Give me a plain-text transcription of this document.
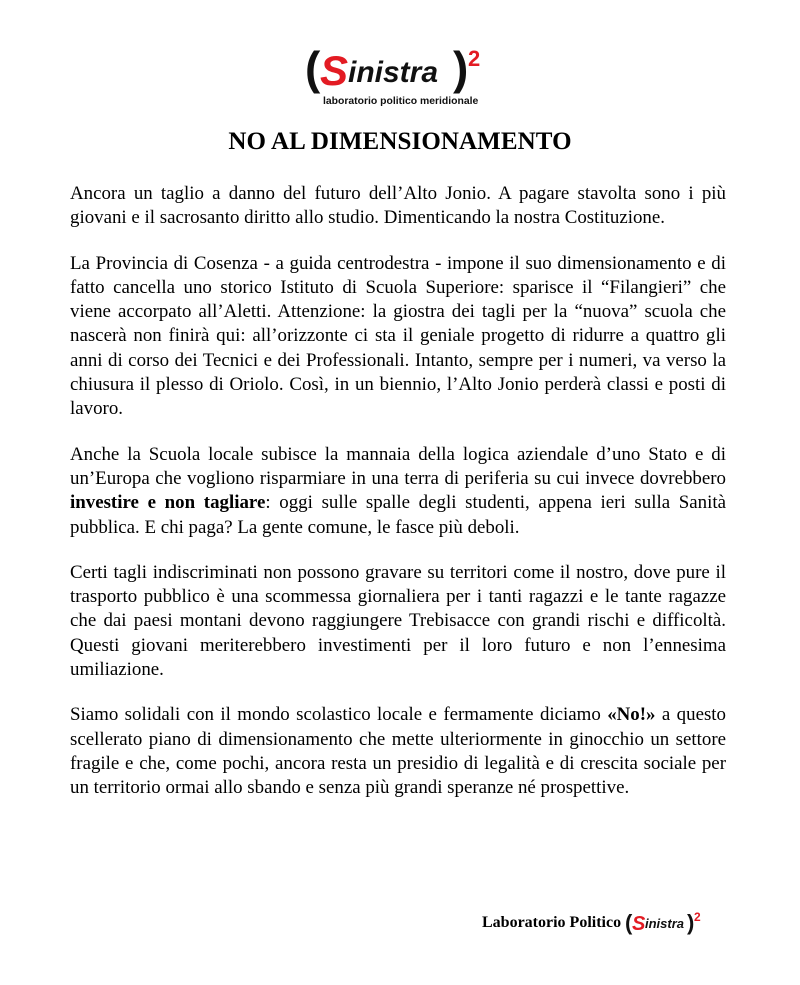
( S inistra ) 2
laboratorio politico meridionale
NO AL DIMENSIONAMENTO

Ancora un taglio a danno del futuro dell’Alto Jonio. A pagare stavolta sono i più giovani e il sacrosanto diritto allo studio. Dimenticando la nostra Costituzione.

La Provincia di Cosenza - a guida centrodestra - impone il suo dimensionamento e di fatto cancella uno storico Istituto di Scuola Superiore: sparisce il “Filangieri” che viene accorpato all’Aletti. Attenzione: la giostra dei tagli per la “nuova” scuola che nascerà non finirà qui: all’orizzonte ci sta il geniale progetto di ridurre a quattro gli anni di corso dei Tecnici e dei Professionali. Intanto, sempre per i numeri, va verso la chiusura il plesso di Oriolo. Così, in un biennio, l’Alto Jonio perderà classi e posti di lavoro.

Anche la Scuola locale subisce la mannaia della logica aziendale d’uno Stato e di un’Europa che vogliono risparmiare in una terra di periferia su cui invece dovrebbero investire e non tagliare: oggi sulle spalle degli studenti, appena ieri sulla Sanità pubblica. E chi paga? La gente comune, le fasce più deboli.

Certi tagli indiscriminati non possono gravare su territori come il nostro, dove pure il trasporto pubblico è una scommessa giornaliera per i tanti ragazzi e le tante ragazze che dai paesi montani devono raggiungere Trebisacce con grandi rischi e difficoltà. Questi giovani meriterebbero investimenti per il loro futuro e non l’ennesima umiliazione.

Siamo solidali con il mondo scolastico locale e fermamente diciamo «No!» a questo scellerato piano di dimensionamento che mette ulteriormente in ginocchio un settore fragile e che, come pochi, ancora resta un presidio di legalità e di crescita sociale per un territorio ormai allo sbando e senza più grandi speranze né prospettive.

Laboratorio Politico ( S inistra ) 2
